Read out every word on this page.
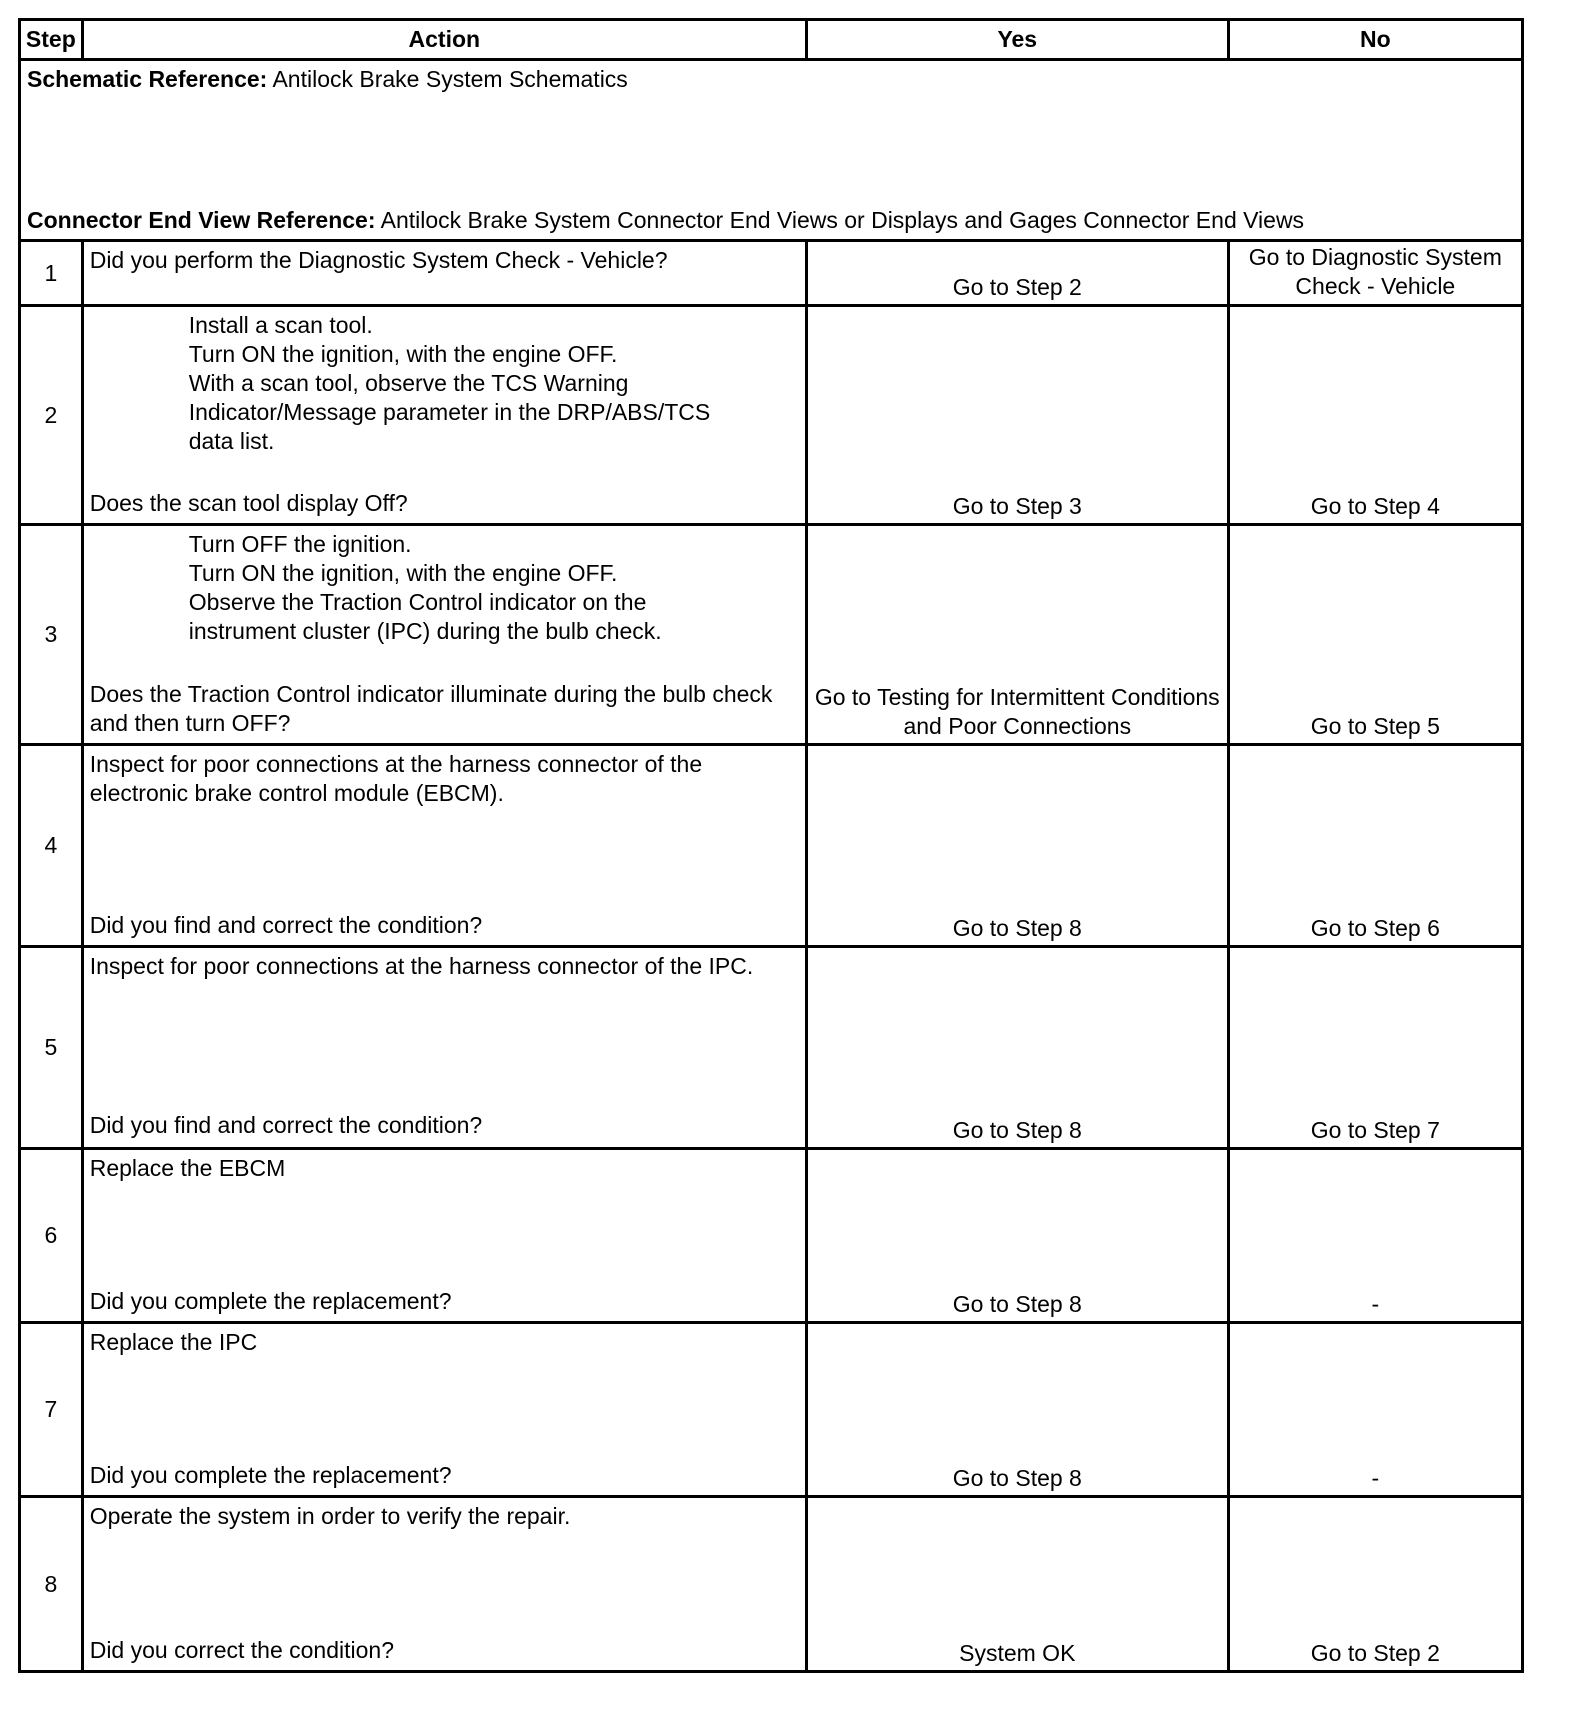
Step	Action	Yes	No

Schematic Reference: Antilock Brake System Schematics
Connector End View Reference: Antilock Brake System Connector End Views or Displays and Gages Connector End Views			

1	Did you perform the Diagnostic System Check - Vehicle?	Go to Step 2	Go to Diagnostic System Check - Vehicle
2	Install a scan tool.
Turn ON the ignition, with the engine OFF.
With a scan tool, observe the TCS Warning Indicator/Message parameter in the DRP/ABS/TCS data list.
Does the scan tool display Off?	Go to Step 3	Go to Step 4
3	Turn OFF the ignition.
Turn ON the ignition, with the engine OFF.
Observe the Traction Control indicator on the instrument cluster (IPC) during the bulb check.
Does the Traction Control indicator illuminate during the bulb check and then turn OFF?	Go to Testing for Intermittent Conditions and Poor Connections	Go to Step 5
4	Inspect for poor connections at the harness connector of the electronic brake control module (EBCM).
Did you find and correct the condition?	Go to Step 8	Go to Step 6
5	Inspect for poor connections at the harness connector of the IPC.
Did you find and correct the condition?	Go to Step 8	Go to Step 7
6	Replace the EBCM
Did you complete the replacement?	Go to Step 8	-
7	Replace the IPC
Did you complete the replacement?	Go to Step 8	-
8	Operate the system in order to verify the repair.
Did you correct the condition?	System OK	Go to Step 2
